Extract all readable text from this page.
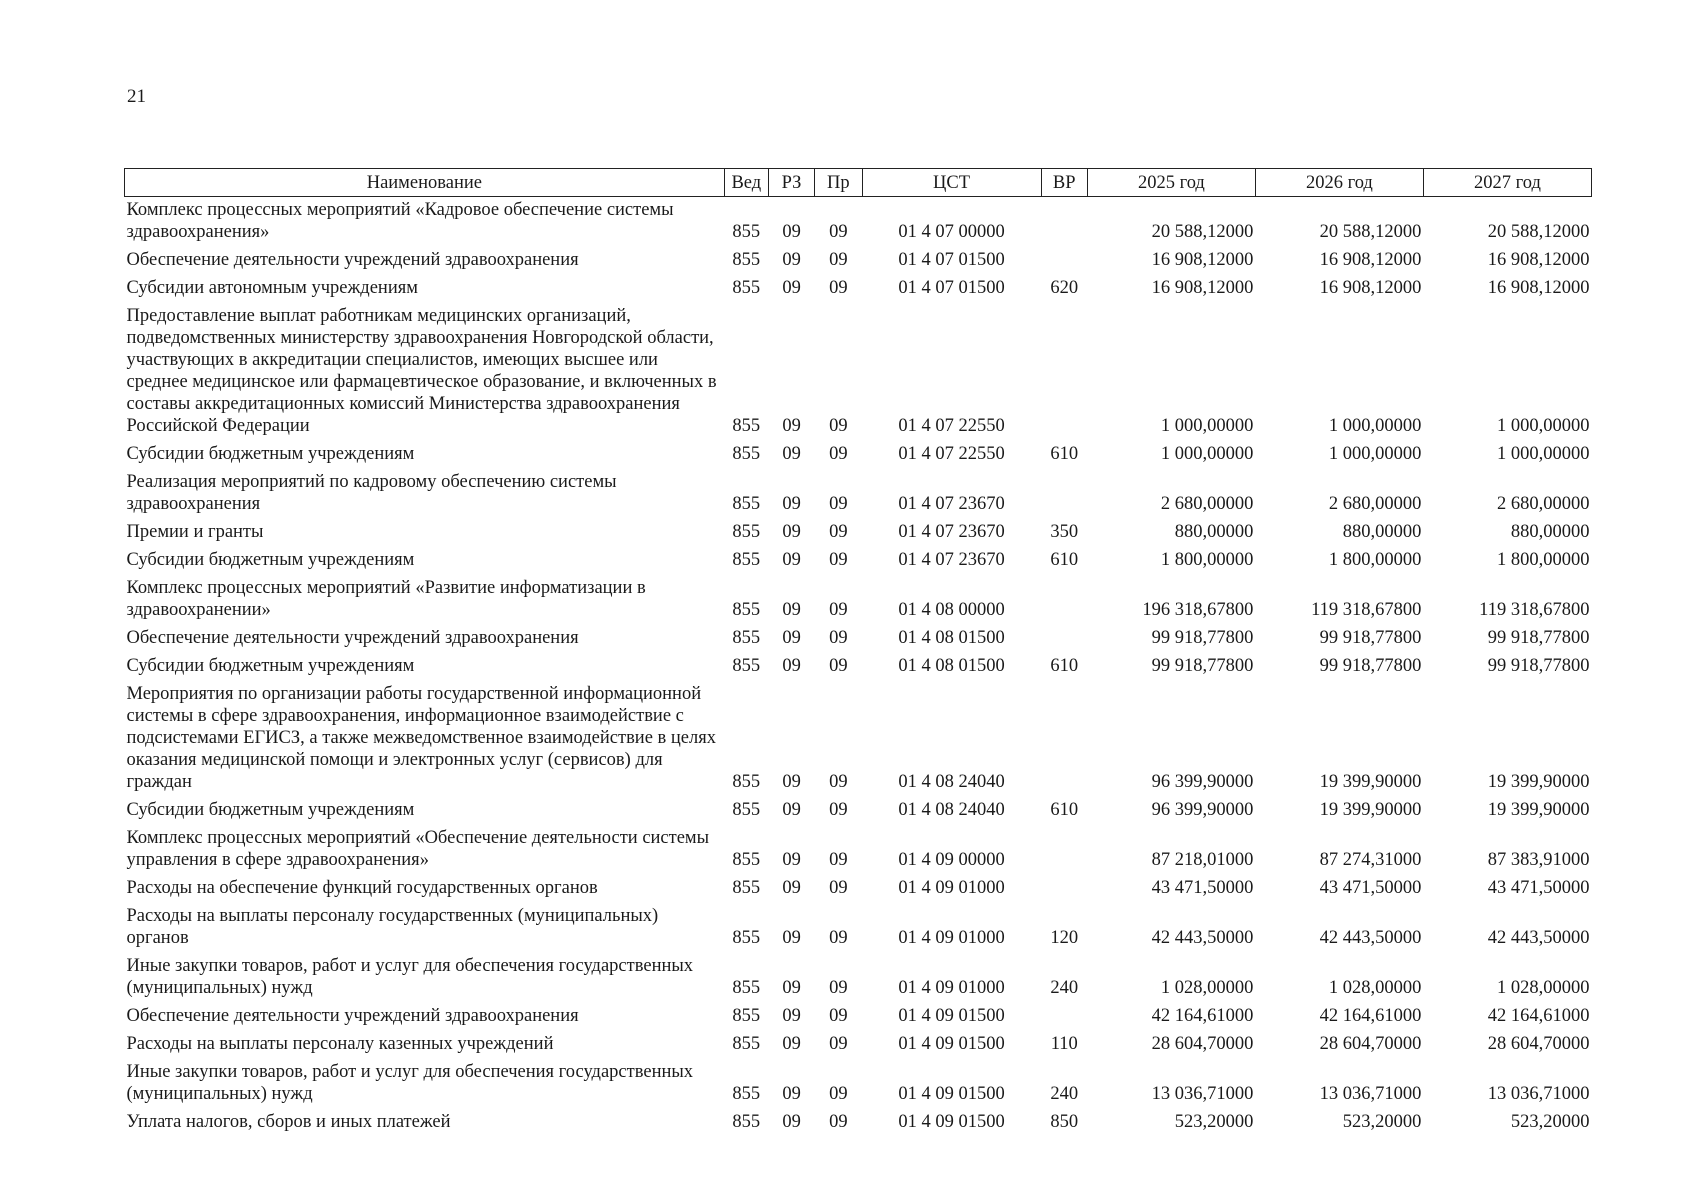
21
Наименование	Вед	РЗ	Пр	ЦСТ	ВР	2025 год	2026 год	2027 год
Комплекс процессных мероприятий «Кадровое обеспечение системы здравоохранения»	855	09	09	01 4 07 00000		20 588,12000	20 588,12000	20 588,12000
Обеспечение деятельности учреждений здравоохранения	855	09	09	01 4 07 01500		16 908,12000	16 908,12000	16 908,12000
Субсидии автономным учреждениям	855	09	09	01 4 07 01500	620	16 908,12000	16 908,12000	16 908,12000
Предоставление выплат работникам медицинских организаций, подведомственных министерству здравоохранения Новгородской области, участвующих в аккредитации специалистов, имеющих высшее или среднее медицинское или фармацевтическое образование, и включенных в составы аккредитационных комиссий Министерства здравоохранения Российской Федерации	855	09	09	01 4 07 22550		1 000,00000	1 000,00000	1 000,00000
Субсидии бюджетным учреждениям	855	09	09	01 4 07 22550	610	1 000,00000	1 000,00000	1 000,00000
Реализация мероприятий по кадровому обеспечению системы здравоохранения	855	09	09	01 4 07 23670		2 680,00000	2 680,00000	2 680,00000
Премии и гранты	855	09	09	01 4 07 23670	350	880,00000	880,00000	880,00000
Субсидии бюджетным учреждениям	855	09	09	01 4 07 23670	610	1 800,00000	1 800,00000	1 800,00000
Комплекс процессных мероприятий «Развитие информатизации в здравоохранении»	855	09	09	01 4 08 00000		196 318,67800	119 318,67800	119 318,67800
Обеспечение деятельности учреждений здравоохранения	855	09	09	01 4 08 01500		99 918,77800	99 918,77800	99 918,77800
Субсидии бюджетным учреждениям	855	09	09	01 4 08 01500	610	99 918,77800	99 918,77800	99 918,77800
Мероприятия по организации работы государственной информационной системы в сфере здравоохранения, информационное взаимодействие с подсистемами ЕГИСЗ, а также межведомственное взаимодействие в целях оказания медицинской помощи и электронных услуг (сервисов) для граждан	855	09	09	01 4 08 24040		96 399,90000	19 399,90000	19 399,90000
Субсидии бюджетным учреждениям	855	09	09	01 4 08 24040	610	96 399,90000	19 399,90000	19 399,90000
Комплекс процессных мероприятий «Обеспечение деятельности системы управления в сфере здравоохранения»	855	09	09	01 4 09 00000		87 218,01000	87 274,31000	87 383,91000
Расходы на обеспечение функций государственных органов	855	09	09	01 4 09 01000		43 471,50000	43 471,50000	43 471,50000
Расходы на выплаты персоналу государственных (муниципальных) органов	855	09	09	01 4 09 01000	120	42 443,50000	42 443,50000	42 443,50000
Иные закупки товаров, работ и услуг для обеспечения государственных (муниципальных) нужд	855	09	09	01 4 09 01000	240	1 028,00000	1 028,00000	1 028,00000
Обеспечение деятельности учреждений здравоохранения	855	09	09	01 4 09 01500		42 164,61000	42 164,61000	42 164,61000
Расходы на выплаты персоналу казенных учреждений	855	09	09	01 4 09 01500	110	28 604,70000	28 604,70000	28 604,70000
Иные закупки товаров, работ и услуг для обеспечения государственных (муниципальных) нужд	855	09	09	01 4 09 01500	240	13 036,71000	13 036,71000	13 036,71000
Уплата налогов, сборов и иных платежей	855	09	09	01 4 09 01500	850	523,20000	523,20000	523,20000
